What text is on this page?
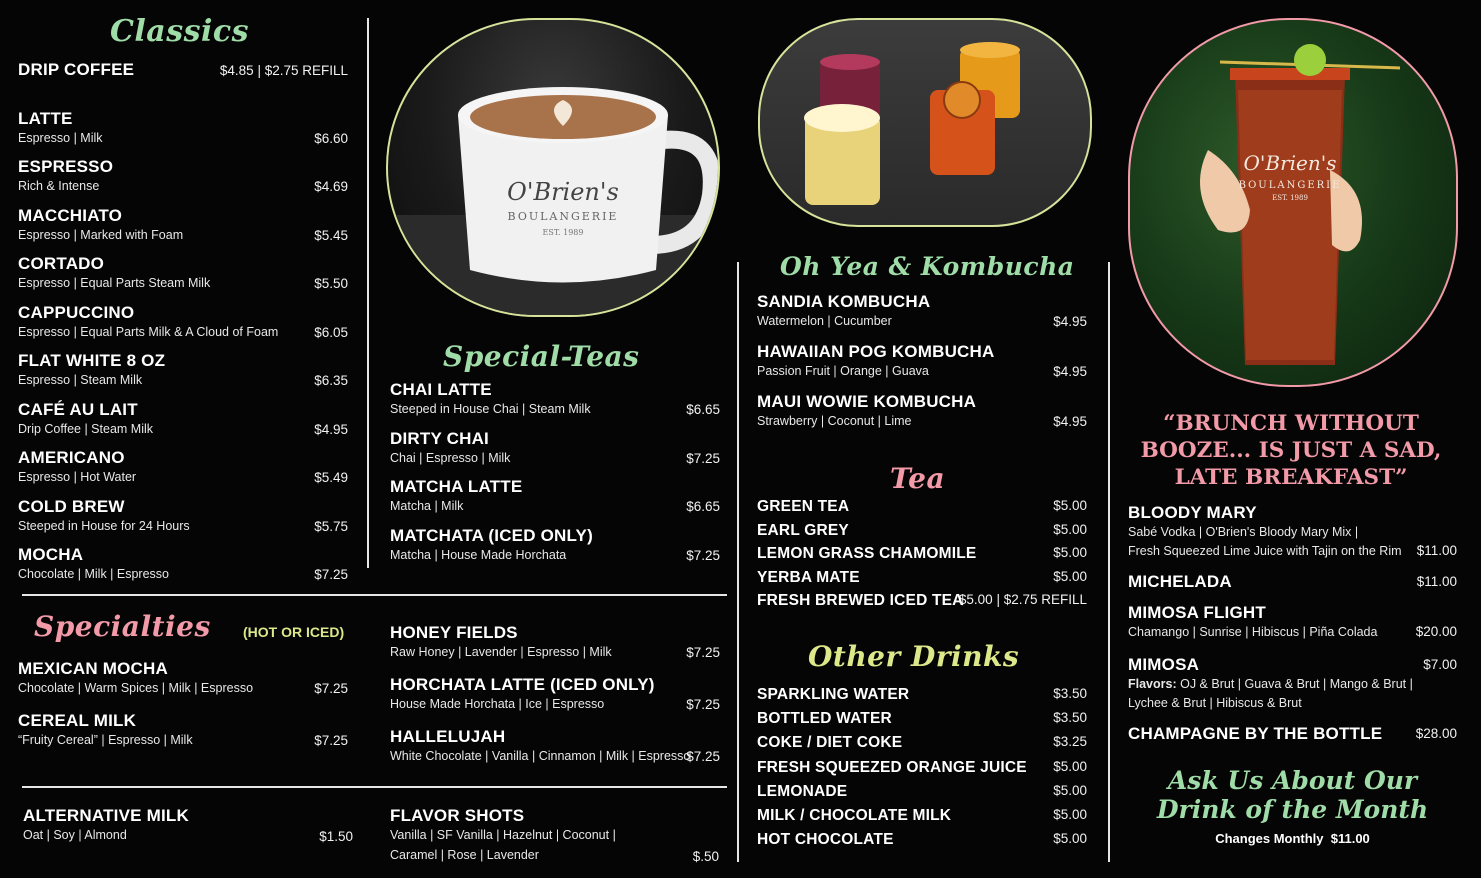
Classics
DRIP COFFEE	$4.85 | $2.75 REFILL
LATTE
Espresso | Milk	$6.60
ESPRESSO
Rich & Intense	$4.69
MACCHIATO
Espresso | Marked with Foam	$5.45
CORTADO
Espresso | Equal Parts Steam Milk	$5.50
CAPPUCCINO
Espresso | Equal Parts Milk & A Cloud of Foam	$6.05
FLAT WHITE 8 OZ
Espresso | Steam Milk	$6.35
CAFÉ AU LAIT
Drip Coffee | Steam Milk	$4.95
AMERICANO
Espresso | Hot Water	$5.49
COLD BREW
Steeped in House for 24 Hours	$5.75
MOCHA
Chocolate | Milk | Espresso	$7.25
O'Brien's
BOULANGERIE
EST. 1989
Special-Teas
CHAI LATTE
Steeped in House Chai | Steam Milk	$6.65
DIRTY CHAI
Chai | Espresso | Milk	$7.25
MATCHA LATTE
Matcha | Milk	$6.65
MATCHATA (ICED ONLY)
Matcha | House Made Horchata	$7.25
Specialties (HOT OR ICED)
MEXICAN MOCHA
Chocolate | Warm Spices | Milk | Espresso	$7.25
CEREAL MILK
“Fruity Cereal” | Espresso | Milk	$7.25
HONEY FIELDS
Raw Honey | Lavender | Espresso | Milk	$7.25
HORCHATA LATTE (ICED ONLY)
House Made Horchata | Ice | Espresso	$7.25
HALLELUJAH
White Chocolate | Vanilla | Cinnamon | Milk | Espresso
$7.25
ALTERNATIVE MILK
Oat | Soy | Almond	$1.50
FLAVOR SHOTS
Vanilla | SF Vanilla | Hazelnut | Coconut |
Caramel | Rose | Lavender	$.50
Oh Yea & Kombucha
SANDIA KOMBUCHA
Watermelon | Cucumber	$4.95
HAWAIIAN POG KOMBUCHA
Passion Fruit | Orange | Guava	$4.95
MAUI WOWIE KOMBUCHA
Strawberry | Coconut | Lime	$4.95
Tea
GREEN TEA	$5.00
EARL GREY	$5.00
LEMON GRASS CHAMOMILE	$5.00
YERBA MATE	$5.00
FRESH BREWED ICED TEA
$5.00 | $2.75 REFILL
Other Drinks
SPARKLING WATER	$3.50
BOTTLED WATER	$3.50
COKE / DIET COKE	$3.25
FRESH SQUEEZED ORANGE JUICE $5.00
LEMONADE	$5.00
MILK / CHOCOLATE MILK	$5.00
HOT CHOCOLATE	$5.00
O'Brien's
BOULANGERIE
EST. 1989
“BRUNCH WITHOUT
BOOZE... IS JUST A SAD,
LATE BREAKFAST”
BLOODY MARY
Sabé Vodka | O'Brien's Bloody Mary Mix |
Fresh Squeezed Lime Juice with Tajin on the Rim	$11.00
MICHELADA	$11.00
MIMOSA FLIGHT
Chamango | Sunrise | Hibiscus | Piña Colada	$20.00
MIMOSA
Flavors: OJ & Brut | Guava & Brut | Mango & Brut |
Lychee & Brut | Hibiscus & Brut
$7.00
CHAMPAGNE BY THE BOTTLE	$28.00
Ask Us About Our
Drink of the Month
Changes Monthly  $11.00
